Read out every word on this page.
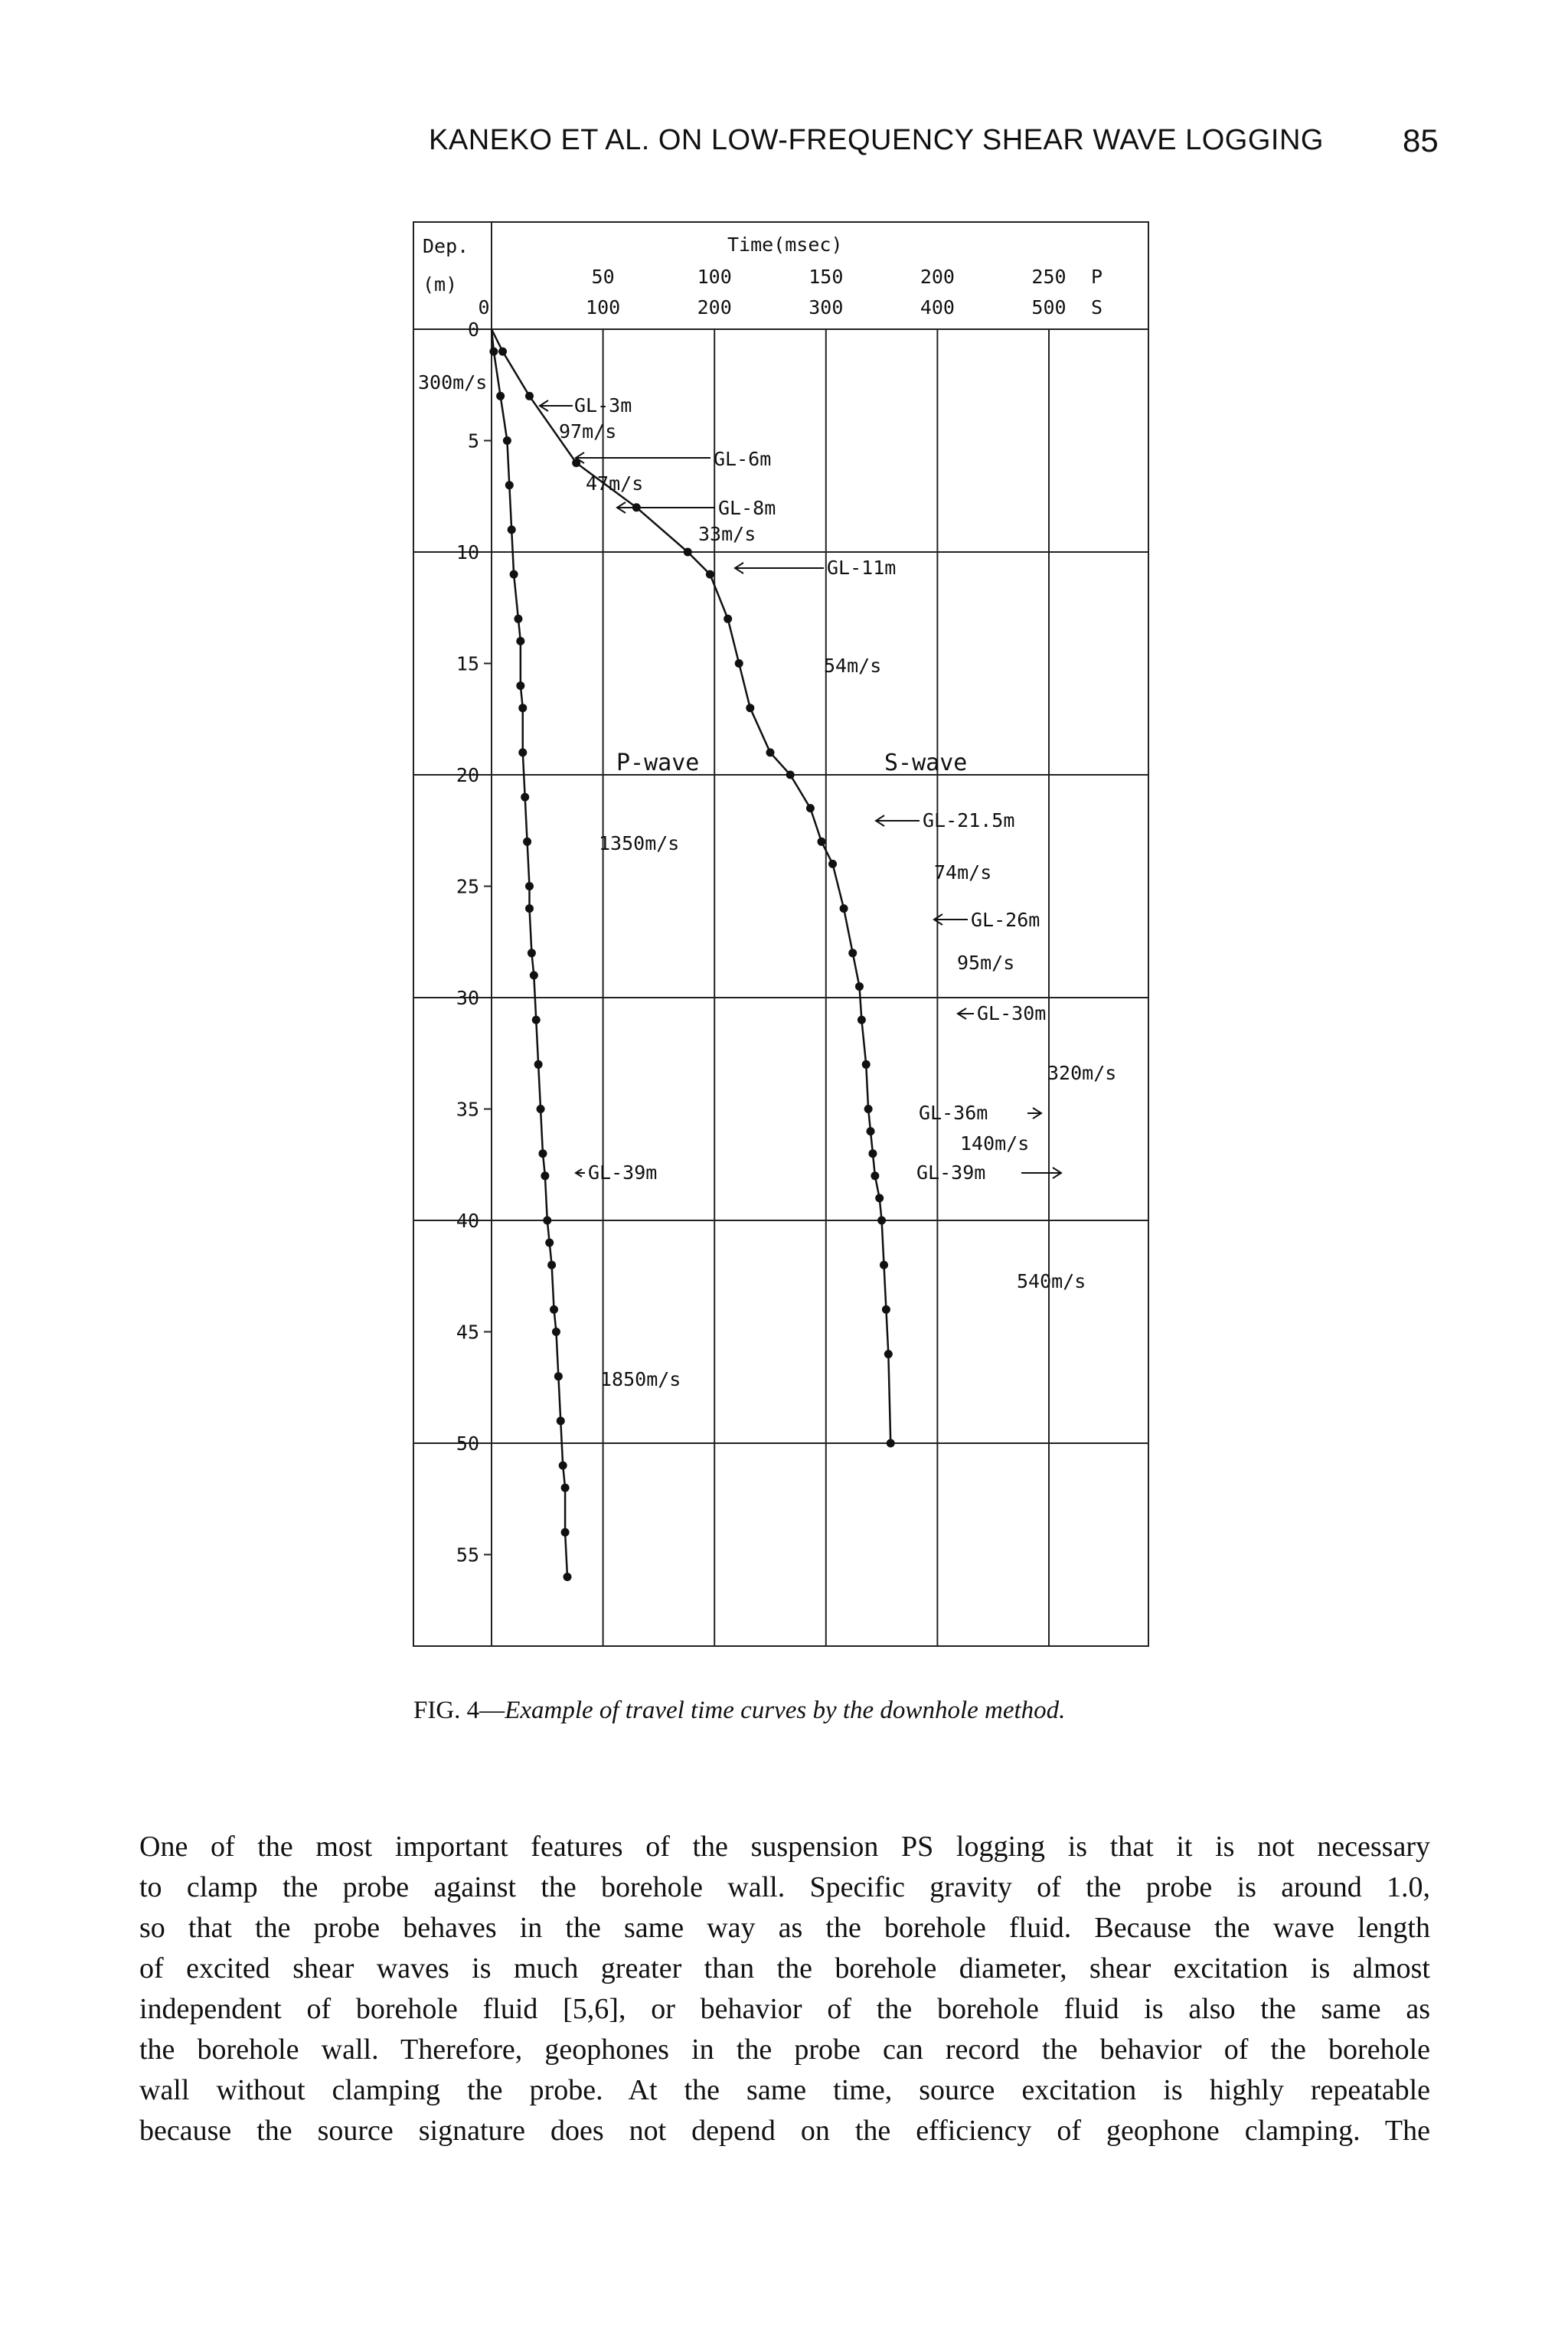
KANEKO ET AL. ON LOW-FREQUENCY SHEAR WAVE LOGGING 85
Dep.
(m)
Time(msec)
0
P
S
50
100
100
200
150
300
200
400
250
500
0
5
10
15
20
25
30
35
40
45
50
55
300m/s
GL-3m
97m/s
GL-6m
47m/s
GL-8m
33m/s
GL-11m
54m/s
P-wave	S-wave
1350m/s
GL-21.5m
74m/s
GL-26m
95m/s
GL-30m
320m/s
GL-36m
140m/s
GL-39m
GL-39m
540m/s
1850m/s
FIG. 4—Example of travel time curves by the downhole method.
One of the most important features of the suspension PS logging is that it is not necessary
to clamp the probe against the borehole wall. Specific gravity of the probe is around 1.0,
so that the probe behaves in the same way as the borehole fluid. Because the wave length
of excited shear waves is much greater than the borehole diameter, shear excitation is almost
independent of borehole fluid [5,6], or behavior of the borehole fluid is also the same as
the borehole wall. Therefore, geophones in the probe can record the behavior of the borehole
wall without clamping the probe. At the same time, source excitation is highly repeatable
because the source signature does not depend on the efficiency of geophone clamping. The
